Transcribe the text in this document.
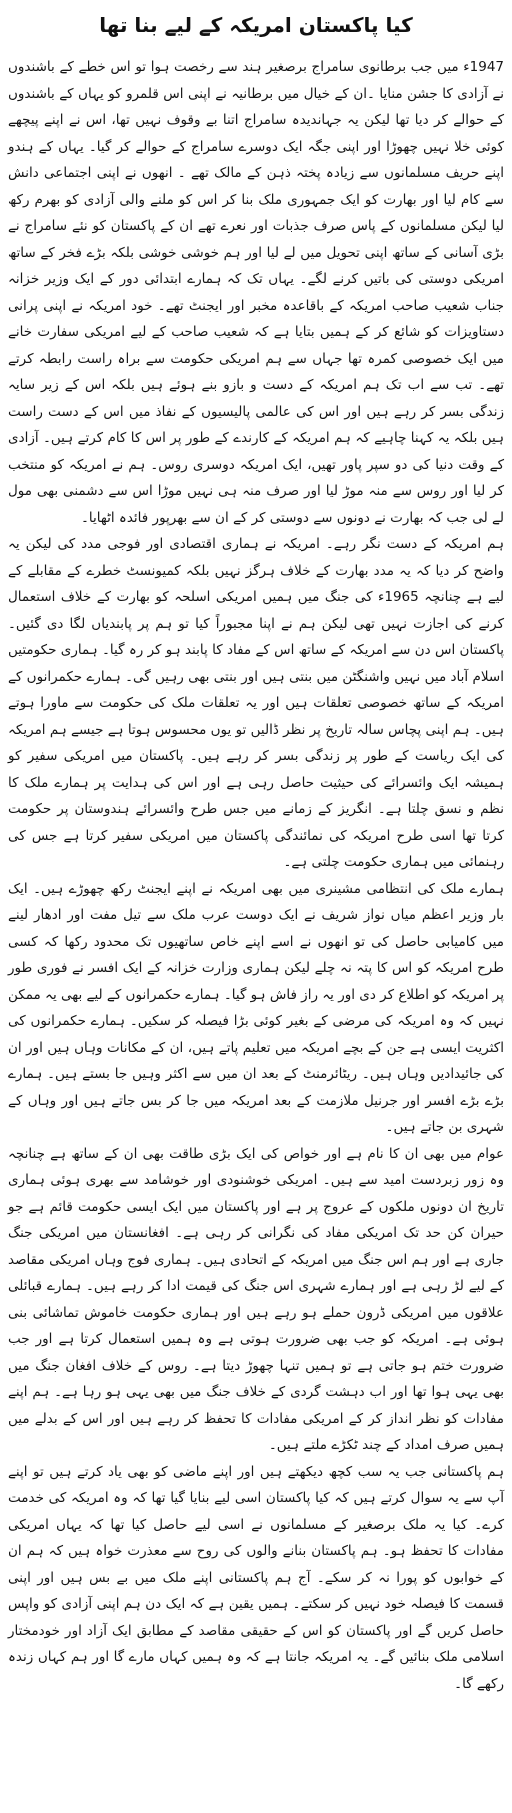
کیا پاکستان امریکہ کے لیے بنا تھا

1947ء میں جب برطانوی سامراج برصغیر ہند سے رخصت ہوا تو اس خطے کے باشندوں نے آزادی کا جشن منایا ۔ان کے خیال میں برطانیہ نے اپنی اس قلمرو کو یہاں کے باشندوں کے حوالے کر دیا تھا لیکن یہ جہاندیدہ سامراج اتنا بے وقوف نہیں تھا، اس نے اپنے پیچھے کوئی خلا نہیں چھوڑا اور اپنی جگہ ایک دوسرے سامراج کے حوالے کر گیا۔ یہاں کے ہندو اپنے حریف مسلمانوں سے زیادہ پختہ ذہن کے مالک تھے ۔ انھوں نے اپنی اجتماعی دانش سے کام لیا اور بھارت کو ایک جمہوری ملک بنا کر اس کو ملنے والی آزادی کو بھرم رکھ لیا لیکن مسلمانوں کے پاس صرف جذبات اور نعرے تھے ان کے پاکستان کو نئے سامراج نے بڑی آسانی کے ساتھ اپنی تحویل میں لے لیا اور ہم خوشی خوشی بلکہ بڑے فخر کے ساتھ امریکی دوستی کی باتیں کرنے لگے۔ یہاں تک کہ ہمارے ابتدائی دور کے ایک وزیر خزانہ جناب شعیب صاحب امریکہ کے باقاعدہ مخبر اور ایجنٹ تھے۔ خود امریکہ نے اپنی پرانی دستاویزات کو شائع کر کے ہمیں بتایا ہے کہ شعیب صاحب کے لیے امریکی سفارت خانے میں ایک خصوصی کمرہ تھا جہاں سے ہم امریکی حکومت سے براہ راست رابطہ کرتے تھے۔ تب سے اب تک ہم امریکہ کے دست و بازو بنے ہوئے ہیں بلکہ اس کے زیر سایہ زندگی بسر کر رہے ہیں اور اس کی عالمی پالیسیوں کے نفاذ میں اس کے دست راست ہیں بلکہ یہ کہنا چاہیے کہ ہم امریکہ کے کارندے کے طور پر اس کا کام کرتے ہیں۔ آزادی کے وقت دنیا کی دو سپر پاور تھیں، ایک امریکہ دوسری روس۔ ہم نے امریکہ کو منتخب کر لیا اور روس سے منہ موڑ لیا اور صرف منہ ہی نہیں موڑا اس سے دشمنی بھی مول لے لی جب کہ بھارت نے دونوں سے دوستی کر کے ان سے بھرپور فائدہ اٹھایا۔

ہم امریکہ کے دست نگر رہے۔ امریکہ نے ہماری اقتصادی اور فوجی مدد کی لیکن یہ واضح کر دیا کہ یہ مدد بھارت کے خلاف ہرگز نہیں بلکہ کمیونسٹ خطرے کے مقابلے کے لیے ہے چنانچہ 1965ء کی جنگ میں ہمیں امریکی اسلحہ کو بھارت کے خلاف استعمال کرنے کی اجازت نہیں تھی لیکن ہم نے اپنا مجبوراً کیا تو ہم پر پابندیاں لگا دی گئیں۔ پاکستان اس دن سے امریکہ کے ساتھ اس کے مفاد کا پابند ہو کر رہ گیا۔ ہماری حکومتیں اسلام آباد میں نہیں واشنگٹن میں بنتی ہیں اور بنتی بھی رہیں گی۔ ہمارے حکمرانوں کے امریکہ کے ساتھ خصوصی تعلقات ہیں اور یہ تعلقات ملک کی حکومت سے ماورا ہوتے ہیں۔ ہم اپنی پچاس سالہ تاریخ پر نظر ڈالیں تو یوں محسوس ہوتا ہے جیسے ہم امریکہ کی ایک ریاست کے طور پر زندگی بسر کر رہے ہیں۔ پاکستان میں امریکی سفیر کو ہمیشہ ایک وائسرائے کی حیثیت حاصل رہی ہے اور اس کی ہدایت پر ہمارے ملک کا نظم و نسق چلتا ہے۔ انگریز کے زمانے میں جس طرح وائسرائے ہندوستان پر حکومت کرتا تھا اسی طرح امریکہ کی نمائندگی پاکستان میں امریکی سفیر کرتا ہے جس کی رہنمائی میں ہماری حکومت چلتی ہے۔

ہمارے ملک کی انتظامی مشینری میں بھی امریکہ نے اپنے ایجنٹ رکھ چھوڑے ہیں۔ ایک بار وزیر اعظم میاں نواز شریف نے ایک دوست عرب ملک سے تیل مفت اور ادھار لینے میں کامیابی حاصل کی تو انھوں نے اسے اپنے خاص ساتھیوں تک محدود رکھا کہ کسی طرح امریکہ کو اس کا پتہ نہ چلے لیکن ہماری وزارت خزانہ کے ایک افسر نے فوری طور پر امریکہ کو اطلاع کر دی اور یہ راز فاش ہو گیا۔ ہمارے حکمرانوں کے لیے بھی یہ ممکن نہیں کہ وہ امریکہ کی مرضی کے بغیر کوئی بڑا فیصلہ کر سکیں۔ ہمارے حکمرانوں کی اکثریت ایسی ہے جن کے بچے امریکہ میں تعلیم پاتے ہیں، ان کے مکانات وہاں ہیں اور ان کی جائیدادیں وہاں ہیں۔ ریٹائرمنٹ کے بعد ان میں سے اکثر وہیں جا بستے ہیں۔ ہمارے بڑے بڑے افسر اور جرنیل ملازمت کے بعد امریکہ میں جا کر بس جاتے ہیں اور وہاں کے شہری بن جاتے ہیں۔

عوام میں بھی ان کا نام ہے اور خواص کی ایک بڑی طاقت بھی ان کے ساتھ ہے چنانچہ وہ زور زبردست امید سے ہیں۔ امریکی خوشنودی اور خوشامد سے بھری ہوئی ہماری تاریخ ان دونوں ملکوں کے عروج پر ہے اور پاکستان میں ایک ایسی حکومت قائم ہے جو حیران کن حد تک امریکی مفاد کی نگرانی کر رہی ہے۔ افغانستان میں امریکی جنگ جاری ہے اور ہم اس جنگ میں امریکہ کے اتحادی ہیں۔ ہماری فوج وہاں امریکی مقاصد کے لیے لڑ رہی ہے اور ہمارے شہری اس جنگ کی قیمت ادا کر رہے ہیں۔ ہمارے قبائلی علاقوں میں امریکی ڈرون حملے ہو رہے ہیں اور ہماری حکومت خاموش تماشائی بنی ہوئی ہے۔ امریکہ کو جب بھی ضرورت ہوتی ہے وہ ہمیں استعمال کرتا ہے اور جب ضرورت ختم ہو جاتی ہے تو ہمیں تنہا چھوڑ دیتا ہے۔ روس کے خلاف افغان جنگ میں بھی یہی ہوا تھا اور اب دہشت گردی کے خلاف جنگ میں بھی یہی ہو رہا ہے۔ ہم اپنے مفادات کو نظر انداز کر کے امریکی مفادات کا تحفظ کر رہے ہیں اور اس کے بدلے میں ہمیں صرف امداد کے چند ٹکڑے ملتے ہیں۔

ہم پاکستانی جب یہ سب کچھ دیکھتے ہیں اور اپنے ماضی کو بھی یاد کرتے ہیں تو اپنے آپ سے یہ سوال کرتے ہیں کہ کیا پاکستان اسی لیے بنایا گیا تھا کہ وہ امریکہ کی خدمت کرے۔ کیا یہ ملک برصغیر کے مسلمانوں نے اسی لیے حاصل کیا تھا کہ یہاں امریکی مفادات کا تحفظ ہو۔ ہم پاکستان بنانے والوں کی روح سے معذرت خواہ ہیں کہ ہم ان کے خوابوں کو پورا نہ کر سکے۔ آج ہم پاکستانی اپنے ملک میں بے بس ہیں اور اپنی قسمت کا فیصلہ خود نہیں کر سکتے۔ ہمیں یقین ہے کہ ایک دن ہم اپنی آزادی کو واپس حاصل کریں گے اور پاکستان کو اس کے حقیقی مقاصد کے مطابق ایک آزاد اور خودمختار اسلامی ملک بنائیں گے۔ یہ امریکہ جانتا ہے کہ وہ ہمیں کہاں مارے گا اور ہم کہاں زندہ رکھے گا۔
